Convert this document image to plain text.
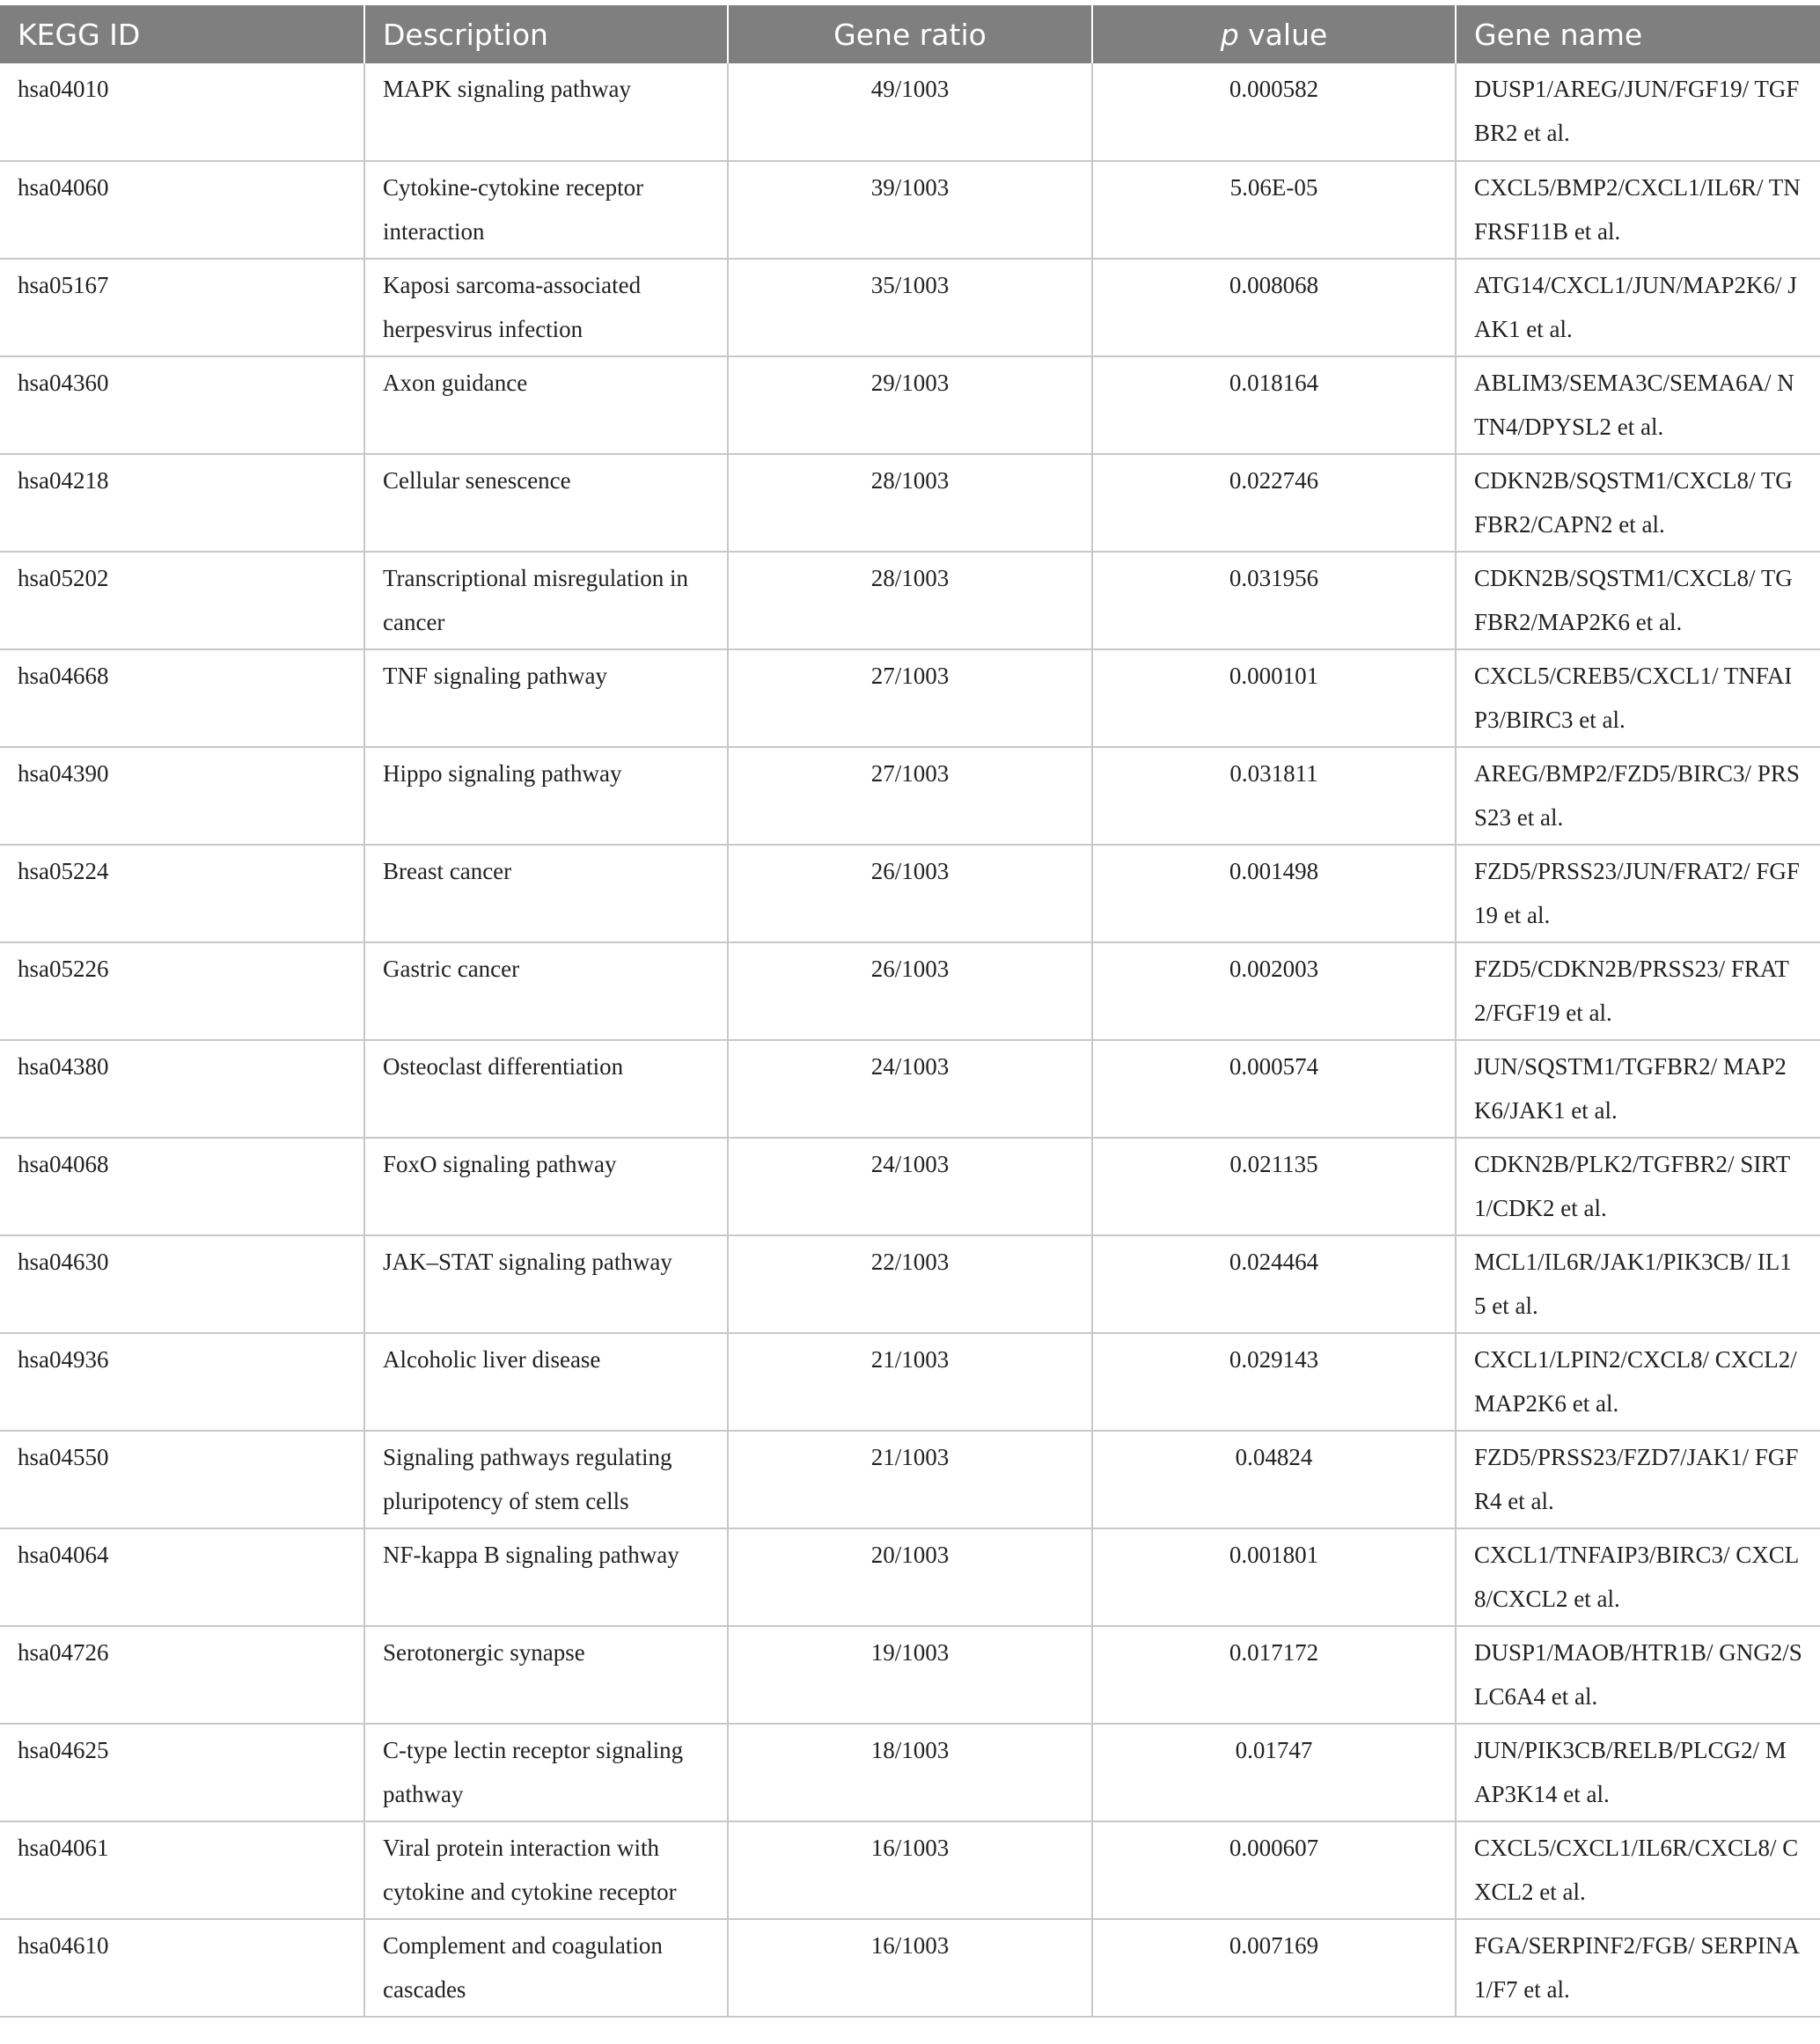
KEGG ID	Description	Gene ratio	p value	Gene name
hsa04010	MAPK signaling pathway	49/1003	0.000582	DUSP1/AREG/JUN/FGF19/ TGFBR2 et al.
hsa04060	Cytokine-cytokine receptor interaction	39/1003	5.06E-05	CXCL5/BMP2/CXCL1/IL6R/ TNFRSF11B et al.
hsa05167	Kaposi sarcoma-associated herpesvirus infection	35/1003	0.008068	ATG14/CXCL1/JUN/MAP2K6/ JAK1 et al.
hsa04360	Axon guidance	29/1003	0.018164	ABLIM3/SEMA3C/SEMA6A/ NTN4/DPYSL2 et al.
hsa04218	Cellular senescence	28/1003	0.022746	CDKN2B/SQSTM1/CXCL8/ TGFBR2/CAPN2 et al.
hsa05202	Transcriptional misregulation in cancer	28/1003	0.031956	CDKN2B/SQSTM1/CXCL8/ TGFBR2/MAP2K6 et al.
hsa04668	TNF signaling pathway	27/1003	0.000101	CXCL5/CREB5/CXCL1/ TNFAIP3/BIRC3 et al.
hsa04390	Hippo signaling pathway	27/1003	0.031811	AREG/BMP2/FZD5/BIRC3/ PRSS23 et al.
hsa05224	Breast cancer	26/1003	0.001498	FZD5/PRSS23/JUN/FRAT2/ FGF19 et al.
hsa05226	Gastric cancer	26/1003	0.002003	FZD5/CDKN2B/PRSS23/ FRAT2/FGF19 et al.
hsa04380	Osteoclast differentiation	24/1003	0.000574	JUN/SQSTM1/TGFBR2/ MAP2K6/JAK1 et al.
hsa04068	FoxO signaling pathway	24/1003	0.021135	CDKN2B/PLK2/TGFBR2/ SIRT1/CDK2 et al.
hsa04630	JAK–STAT signaling pathway	22/1003	0.024464	MCL1/IL6R/JAK1/PIK3CB/ IL15 et al.
hsa04936	Alcoholic liver disease	21/1003	0.029143	CXCL1/LPIN2/CXCL8/ CXCL2/MAP2K6 et al.
hsa04550	Signaling pathways regulating pluripotency of stem cells	21/1003	0.04824	FZD5/PRSS23/FZD7/JAK1/ FGFR4 et al.
hsa04064	NF-kappa B signaling pathway	20/1003	0.001801	CXCL1/TNFAIP3/BIRC3/ CXCL8/CXCL2 et al.
hsa04726	Serotonergic synapse	19/1003	0.017172	DUSP1/MAOB/HTR1B/ GNG2/SLC6A4 et al.
hsa04625	C-type lectin receptor signaling pathway	18/1003	0.01747	JUN/PIK3CB/RELB/PLCG2/ MAP3K14 et al.
hsa04061	Viral protein interaction with cytokine and cytokine receptor	16/1003	0.000607	CXCL5/CXCL1/IL6R/CXCL8/ CXCL2 et al.
hsa04610	Complement and coagulation cascades	16/1003	0.007169	FGA/SERPINF2/FGB/ SERPINA1/F7 et al.
